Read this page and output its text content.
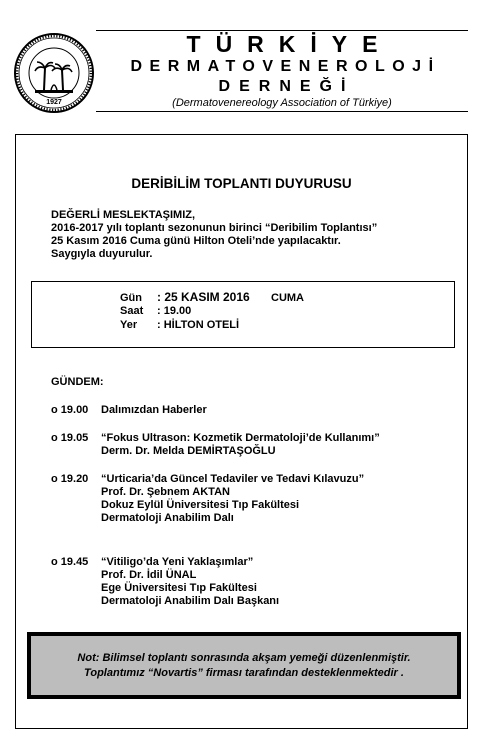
1927
TÜRKİYE
DERMATOVENEROLOJİ
DERNEĞİ
(Dermatovenereology Association of Türkiye)
DERİBİLİM TOPLANTI DUYURUSU
DEĞERLİ MESLEKTAŞIMIZ,
2016-2017 yılı toplantı sezonunun birinci “Deribilim Toplantısı”
25 Kasım 2016 Cuma günü Hilton Oteli’nde yapılacaktır.
Saygıyla duyurulur.
Gün : 25 KASIM 2016 CUMA
Saat : 19.00
Yer : HİLTON OTELİ
GÜNDEM:
o 19.00 Dalımızdan Haberler
o 19.05 “Fokus Ultrason: Kozmetik Dermatoloji’de Kullanımı”
Derm. Dr. Melda DEMİRTAŞOĞLU
o 19.20 “Urticaria’da Güncel Tedaviler ve Tedavi Kılavuzu”
Prof. Dr. Şebnem AKTAN
Dokuz Eylül Üniversitesi Tıp Fakültesi
Dermatoloji Anabilim Dalı
o 19.45 “Vitiligo’da Yeni Yaklaşımlar”
Prof. Dr. İdil ÜNAL
Ege Üniversitesi Tıp Fakültesi
Dermatoloji Anabilim Dalı Başkanı
Not: Bilimsel toplantı sonrasında akşam yemeği düzenlenmiştir.
Toplantımız “Novartis” firması tarafından desteklenmektedir .
